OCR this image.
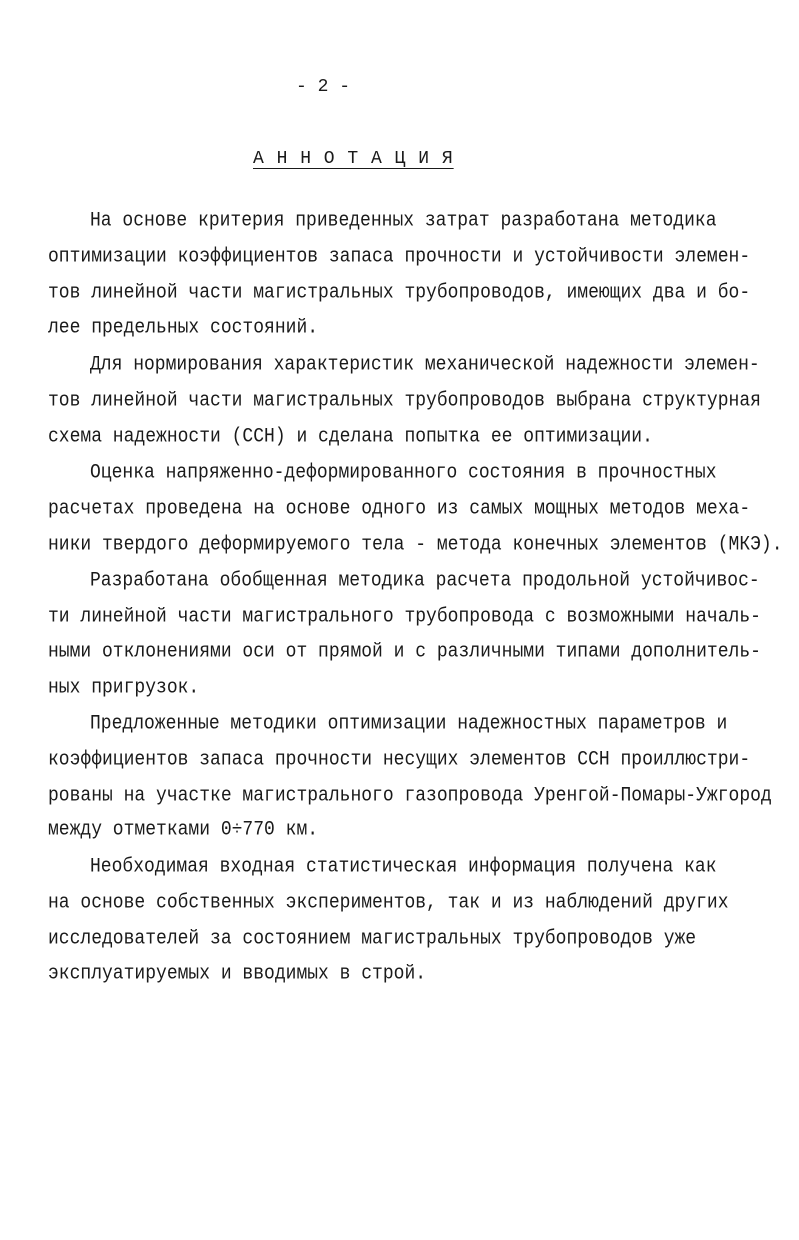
- 2 -
А Н Н О Т А Ц И Я
На основе критерия приведенных затрат разработана методика
оптимизации коэффициентов запаса прочности и устойчивости элемен-
тов линейной части магистральных трубопроводов, имеющих два и бо-
лее предельных состояний.
Для нормирования характеристик механической надежности элемен-
тов линейной части магистральных трубопроводов выбрана структурная
схема надежности (ССН) и сделана попытка ее оптимизации.
Оценка напряженно-деформированного состояния в прочностных
расчетах проведена на основе одного из самых мощных методов меха-
ники твердого деформируемого тела - метода конечных элементов (МКЭ).
Разработана обобщенная методика расчета продольной устойчивос-
ти линейной части магистрального трубопровода с возможными началь-
ными отклонениями оси от прямой и с различными типами дополнитель-
ных пригрузок.
Предложенные методики оптимизации надежностных параметров и
коэффициентов запаса прочности несущих элементов ССН проиллюстри-
рованы на участке магистрального газопровода Уренгой-Помары-Ужгород
между отметками 0÷770 км.
Необходимая входная статистическая информация получена как
на основе собственных экспериментов, так и из наблюдений других
исследователей за состоянием магистральных трубопроводов уже
эксплуатируемых и вводимых в строй.
